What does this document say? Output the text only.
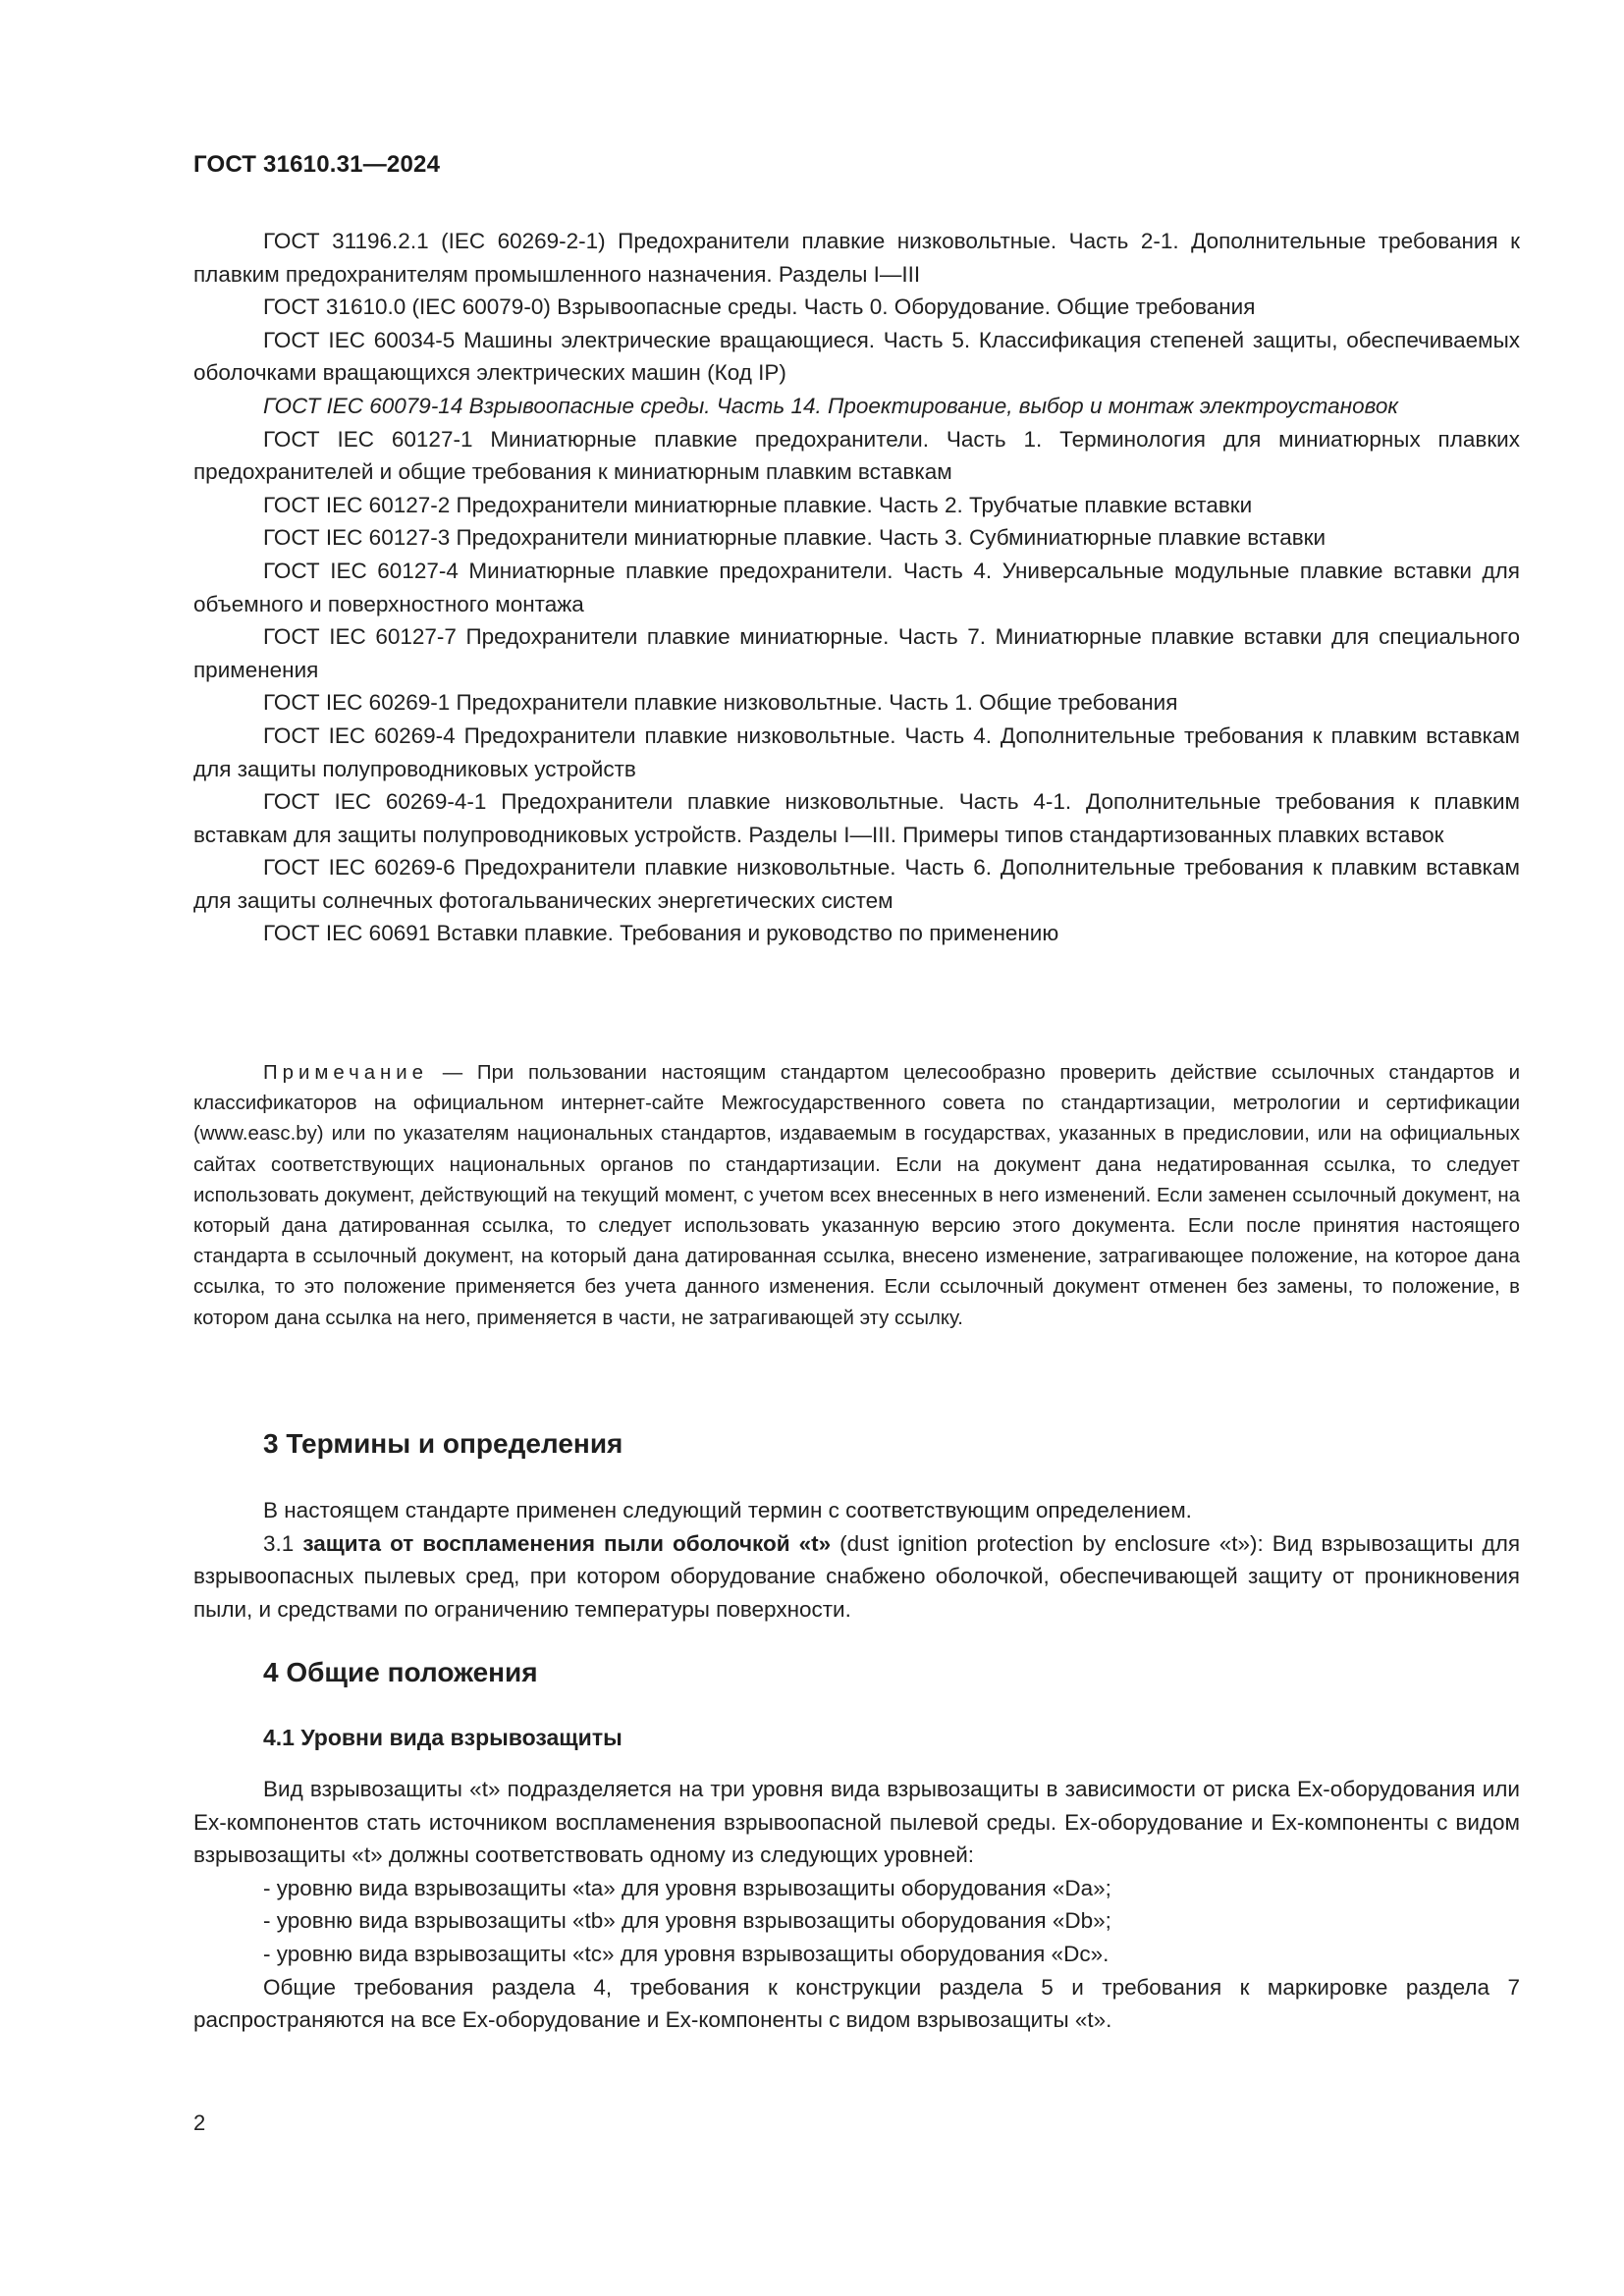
ГОСТ 31610.31—2024

ГОСТ 31196.2.1 (IEC 60269-2-1) Предохранители плавкие низковольтные. Часть 2-1. Дополнительные требования к плавким предохранителям промышленного назначения. Разделы I—III

ГОСТ 31610.0 (IEC 60079-0) Взрывоопасные среды. Часть 0. Оборудование. Общие требования

ГОСТ IEC 60034-5 Машины электрические вращающиеся. Часть 5. Классификация степеней защиты, обеспечиваемых оболочками вращающихся электрических машин (Код IP)

ГОСТ IEC 60079-14 Взрывоопасные среды. Часть 14. Проектирование, выбор и монтаж электроустановок

ГОСТ IEC 60127-1 Миниатюрные плавкие предохранители. Часть 1. Терминология для миниатюрных плавких предохранителей и общие требования к миниатюрным плавким вставкам

ГОСТ IEC 60127-2 Предохранители миниатюрные плавкие. Часть 2. Трубчатые плавкие вставки

ГОСТ IEC 60127-3 Предохранители миниатюрные плавкие. Часть 3. Субминиатюрные плавкие вставки

ГОСТ IEC 60127-4 Миниатюрные плавкие предохранители. Часть 4. Универсальные модульные плавкие вставки для объемного и поверхностного монтажа

ГОСТ IEC 60127-7 Предохранители плавкие миниатюрные. Часть 7. Миниатюрные плавкие вставки для специального применения

ГОСТ IEC 60269-1 Предохранители плавкие низковольтные. Часть 1. Общие требования

ГОСТ IEC 60269-4 Предохранители плавкие низковольтные. Часть 4. Дополнительные требования к плавким вставкам для защиты полупроводниковых устройств

ГОСТ IEC 60269-4-1 Предохранители плавкие низковольтные. Часть 4-1. Дополнительные требования к плавким вставкам для защиты полупроводниковых устройств. Разделы I—III. Примеры типов стандартизованных плавких вставок

ГОСТ IEC 60269-6 Предохранители плавкие низковольтные. Часть 6. Дополнительные требования к плавким вставкам для защиты солнечных фотогальванических энергетических систем

ГОСТ IEC 60691 Вставки плавкие. Требования и руководство по применению

Примечание — При пользовании настоящим стандартом целесообразно проверить действие ссылочных стандартов и классификаторов на официальном интернет-сайте Межгосударственного совета по стандартизации, метрологии и сертификации (www.easc.by) или по указателям национальных стандартов, издаваемым в государствах, указанных в предисловии, или на официальных сайтах соответствующих национальных органов по стандартизации. Если на документ дана недатированная ссылка, то следует использовать документ, действующий на текущий момент, с учетом всех внесенных в него изменений. Если заменен ссылочный документ, на который дана датированная ссылка, то следует использовать указанную версию этого документа. Если после принятия настоящего стандарта в ссылочный документ, на который дана датированная ссылка, внесено изменение, затрагивающее положение, на которое дана ссылка, то это положение применяется без учета данного изменения. Если ссылочный документ отменен без замены, то положение, в котором дана ссылка на него, применяется в части, не затрагивающей эту ссылку.

3 Термины и определения

В настоящем стандарте применен следующий термин с соответствующим определением.

3.1 защита от воспламенения пыли оболочкой «t» (dust ignition protection by enclosure «t»): Вид взрывозащиты для взрывоопасных пылевых сред, при котором оборудование снабжено оболочкой, обеспечивающей защиту от проникновения пыли, и средствами по ограничению температуры поверхности.

4 Общие положения
4.1 Уровни вида взрывозащиты

Вид взрывозащиты «t» подразделяется на три уровня вида взрывозащиты в зависимости от риска Ex-оборудования или Ex-компонентов стать источником воспламенения взрывоопасной пылевой среды. Ex-оборудование и Ex-компоненты с видом взрывозащиты «t» должны соответствовать одному из следующих уровней:

- уровню вида взрывозащиты «ta» для уровня взрывозащиты оборудования «Da»;

- уровню вида взрывозащиты «tb» для уровня взрывозащиты оборудования «Db»;

- уровню вида взрывозащиты «tc» для уровня взрывозащиты оборудования «Dc».

Общие требования раздела 4, требования к конструкции раздела 5 и требования к маркировке раздела 7 распространяются на все Ex-оборудование и Ex-компоненты с видом взрывозащиты «t».

2
